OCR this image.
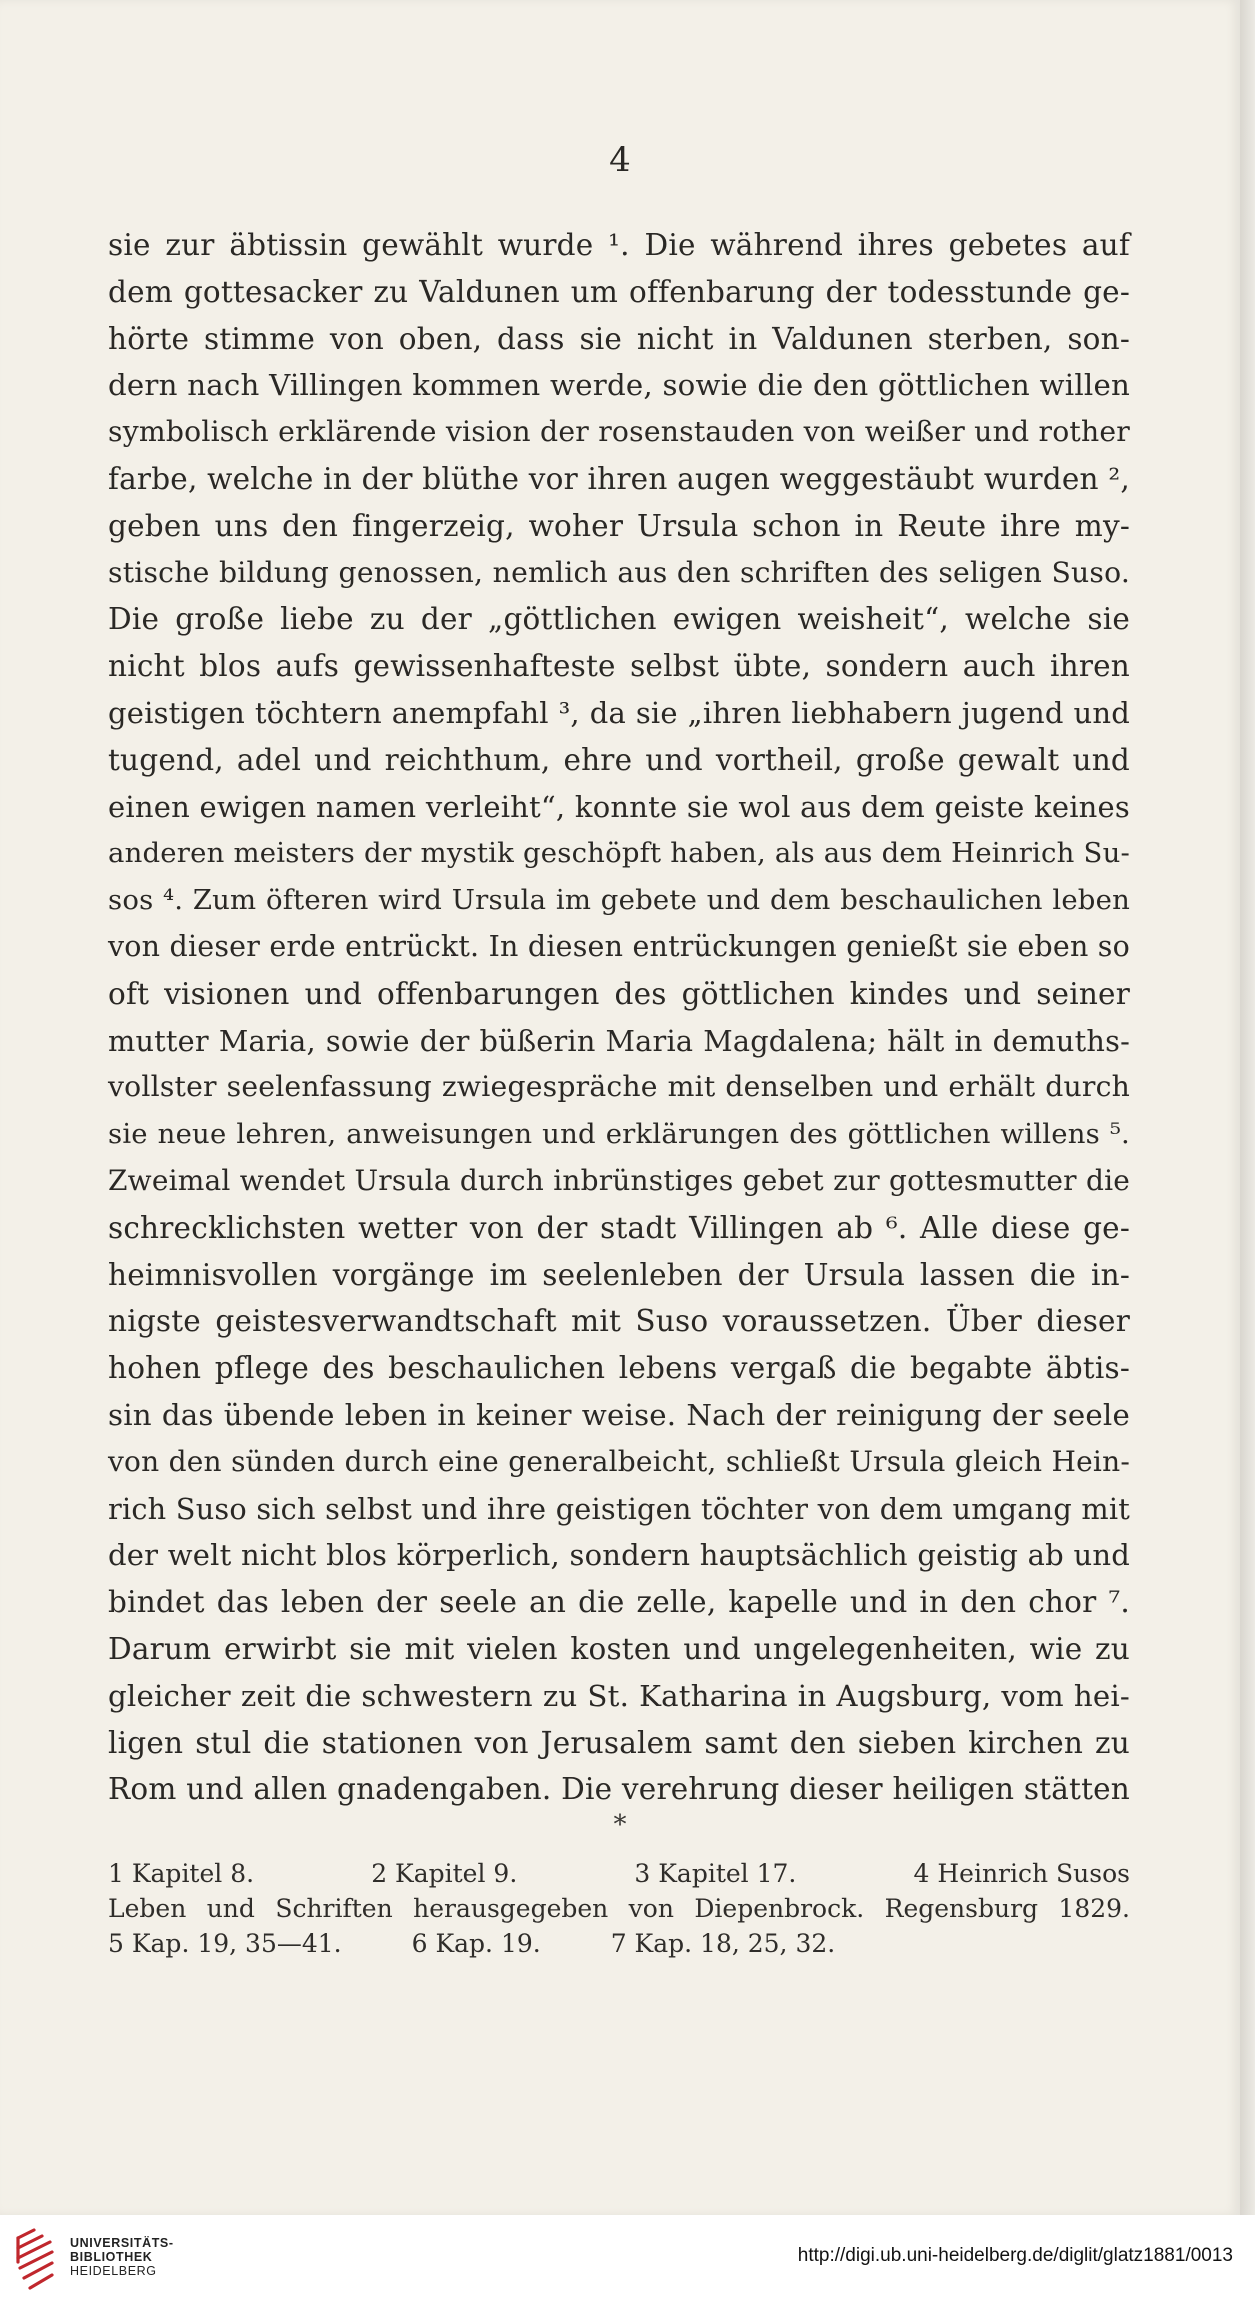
4
sie zur äbtissin gewählt wurde ¹. Die während ihres gebetes auf
dem gottesacker zu Valdunen um offenbarung der todesstunde ge-
hörte stimme von oben, dass sie nicht in Valdunen sterben, son-
dern nach Villingen kommen werde, sowie die den göttlichen willen
symbolisch erklärende vision der rosenstauden von weißer und rother
farbe, welche in der blüthe vor ihren augen weggestäubt wurden ²,
geben uns den fingerzeig, woher Ursula schon in Reute ihre my-
stische bildung genossen, nemlich aus den schriften des seligen Suso.
Die große liebe zu der „göttlichen ewigen weisheit“, welche sie
nicht blos aufs gewissenhafteste selbst übte, sondern auch ihren
geistigen töchtern anempfahl ³, da sie „ihren liebhabern jugend und
tugend, adel und reichthum, ehre und vortheil, große gewalt und
einen ewigen namen verleiht“, konnte sie wol aus dem geiste keines
anderen meisters der mystik geschöpft haben, als aus dem Heinrich Su-
sos ⁴. Zum öfteren wird Ursula im gebete und dem beschaulichen leben
von dieser erde entrückt. In diesen entrückungen genießt sie eben so
oft visionen und offenbarungen des göttlichen kindes und seiner
mutter Maria, sowie der büßerin Maria Magdalena; hält in demuths-
vollster seelenfassung zwiegespräche mit denselben und erhält durch
sie neue lehren, anweisungen und erklärungen des göttlichen willens ⁵.
Zweimal wendet Ursula durch inbrünstiges gebet zur gottesmutter die
schrecklichsten wetter von der stadt Villingen ab ⁶. Alle diese ge-
heimnisvollen vorgänge im seelenleben der Ursula lassen die in-
nigste geistesverwandtschaft mit Suso voraussetzen. Über dieser
hohen pflege des beschaulichen lebens vergaß die begabte äbtis-
sin das übende leben in keiner weise. Nach der reinigung der seele
von den sünden durch eine generalbeicht, schließt Ursula gleich Hein-
rich Suso sich selbst und ihre geistigen töchter von dem umgang mit
der welt nicht blos körperlich, sondern hauptsächlich geistig ab und
bindet das leben der seele an die zelle, kapelle und in den chor ⁷.
Darum erwirbt sie mit vielen kosten und ungelegenheiten, wie zu
gleicher zeit die schwestern zu St. Katharina in Augsburg, vom hei-
ligen stul die stationen von Jerusalem samt den sieben kirchen zu
Rom und allen gnadengaben. Die verehrung dieser heiligen stätten
*
1 Kapitel 8.	2 Kapitel 9.	3 Kapitel 17.	4 Heinrich Susos
Leben und Schriften herausgegeben von Diepenbrock. Regensburg 1829.
5 Kap. 19, 35—41.	6 Kap. 19.	7 Kap. 18, 25, 32.
UNIVERSITÄTS-
BIBLIOTHEK
HEIDELBERG
http://digi.ub.uni-heidelberg.de/diglit/glatz1881/0013
